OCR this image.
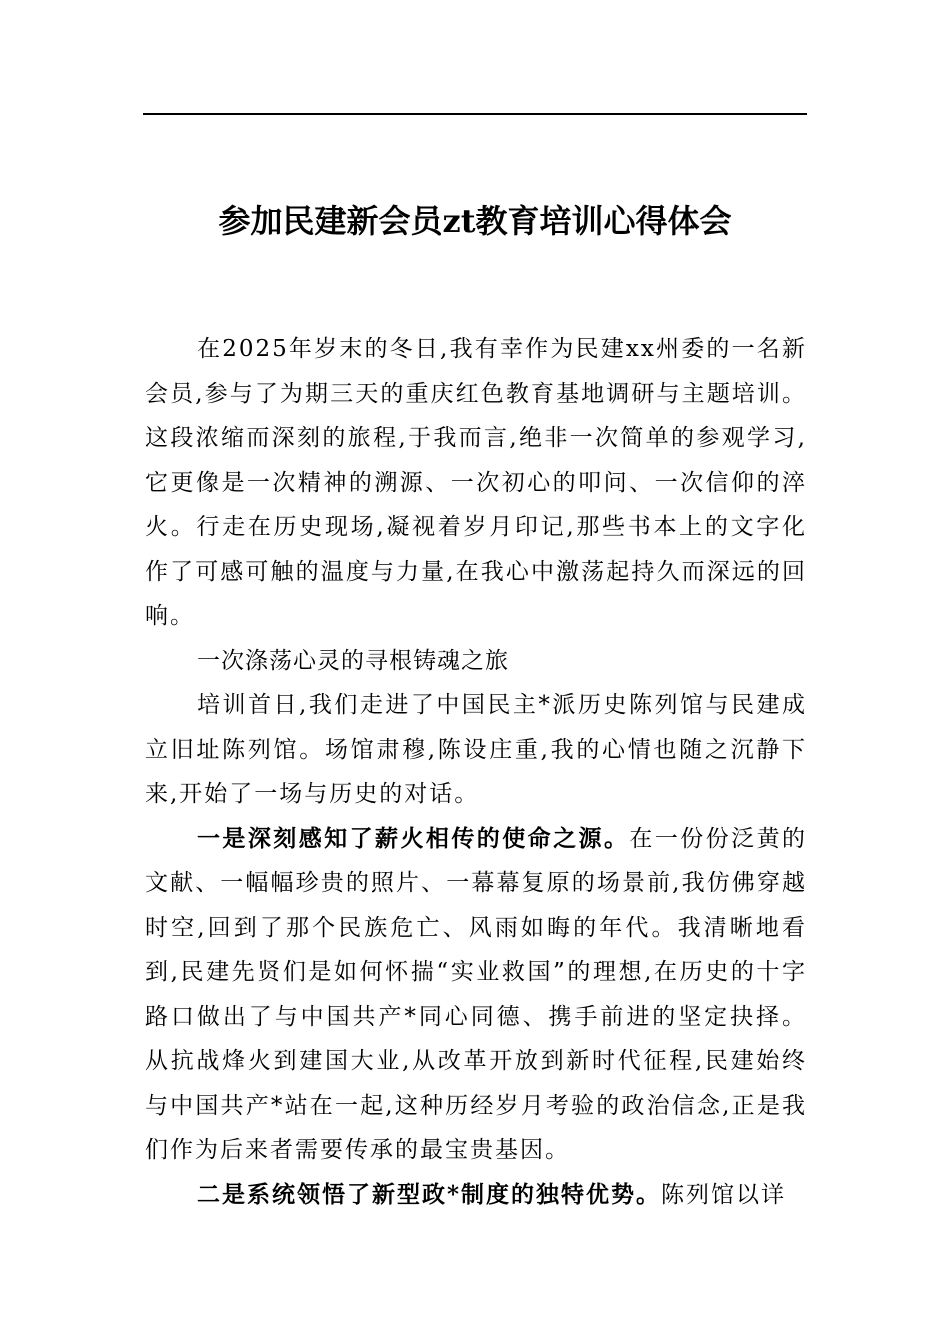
参加民建新会员zt教育培训心得体会

在2025年岁末的冬日,我有幸作为民建xx州委的一名新会员,参与了为期三天的重庆红色教育基地调研与主题培训。这段浓缩而深刻的旅程,于我而言,绝非一次简单的参观学习,它更像是一次精神的溯源、一次初心的叩问、一次信仰的淬火。行走在历史现场,凝视着岁月印记,那些书本上的文字化作了可感可触的温度与力量,在我心中激荡起持久而深远的回响。

一次涤荡心灵的寻根铸魂之旅

培训首日,我们走进了中国民主*派历史陈列馆与民建成立旧址陈列馆。场馆肃穆,陈设庄重,我的心情也随之沉静下来,开始了一场与历史的对话。

一是深刻感知了薪火相传的使命之源。在一份份泛黄的文献、一幅幅珍贵的照片、一幕幕复原的场景前,我仿佛穿越时空,回到了那个民族危亡、风雨如晦的年代。我清晰地看到,民建先贤们是如何怀揣“实业救国”的理想,在历史的十字路口做出了与中国共产*同心同德、携手前进的坚定抉择。从抗战烽火到建国大业,从改革开放到新时代征程,民建始终与中国共产*站在一起,这种历经岁月考验的政治信念,正是我们作为后来者需要传承的最宝贵基因。

二是系统领悟了新型政*制度的独特优势。陈列馆以详
